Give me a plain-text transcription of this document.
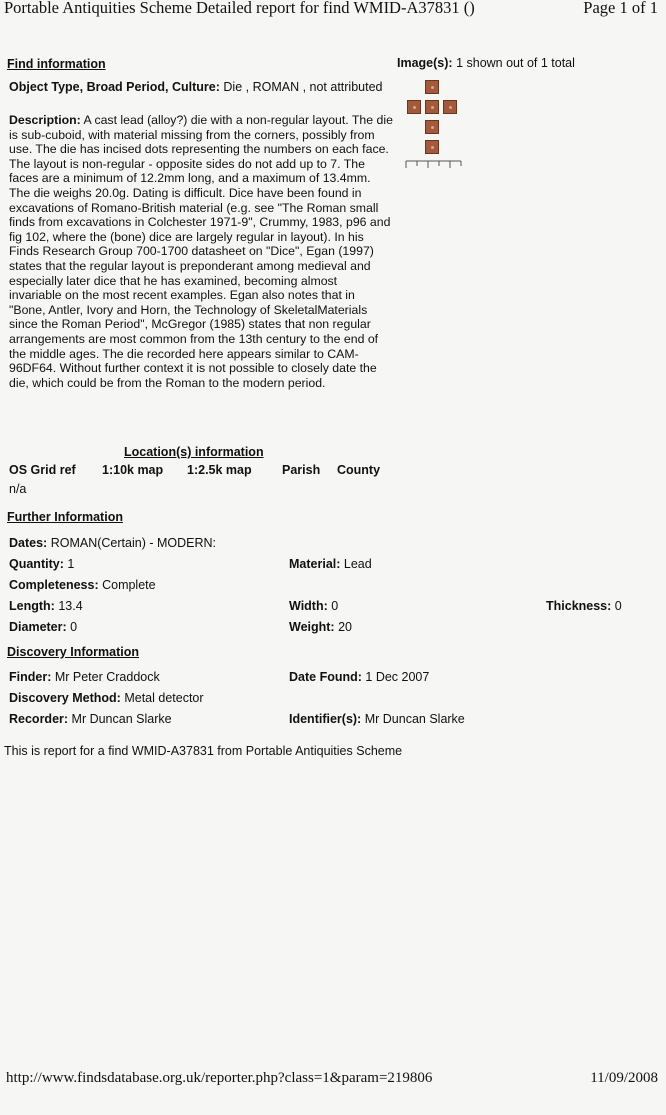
Portable Antiquities Scheme Detailed report for find WMID-A37831 ()	Page 1 of 1
Find information
Object Type, Broad Period, Culture: Die , ROMAN , not attributed
Description: A cast lead (alloy?) die with a non-regular layout. The die is sub-cuboid, with material missing from the corners, possibly from use. The die has incised dots representing the numbers on each face. The layout is non-regular - opposite sides do not add up to 7. The faces are a minimum of 12.2mm long, and a maximum of 13.4mm. The die weighs 20.0g. Dating is difficult. Dice have been found in excavations of Romano-British material (e.g. see "The Roman small finds from excavations in Colchester 1971-9", Crummy, 1983, p96 and fig 102, where the (bone) dice are largely regular in layout). In his Finds Research Group 700-1700 datasheet on "Dice", Egan (1997) states that the regular layout is preponderant among medieval and especially later dice that he has examined, becoming almost invariable on the most recent examples. Egan also notes that in "Bone, Antler, Ivory and Horn, the Technology of SkeletalMaterials since the Roman Period", McGregor (1985) states that non regular arrangements are most common from the 13th century to the end of the middle ages. The die recorded here appears similar to CAM-96DF64. Without further context it is not possible to closely date the die, which could be from the Roman to the modern period.
Image(s): 1 shown out of 1 total
Location(s) information
OS Grid ref 1:10k map 1:2.5k map Parish County
n/a
Further Information
Dates: ROMAN(Certain) - MODERN:
Quantity: 1	Material: Lead
Completeness: Complete
Length: 13.4	Width: 0	Thickness: 0
Diameter: 0	Weight: 20
Discovery Information
Finder: Mr Peter Craddock	Date Found: 1 Dec 2007
Discovery Method: Metal detector
Recorder: Mr Duncan Slarke	Identifier(s): Mr Duncan Slarke
This is report for a find WMID-A37831 from Portable Antiquities Scheme
http://www.findsdatabase.org.uk/reporter.php?class=1&param=219806	11/09/2008
